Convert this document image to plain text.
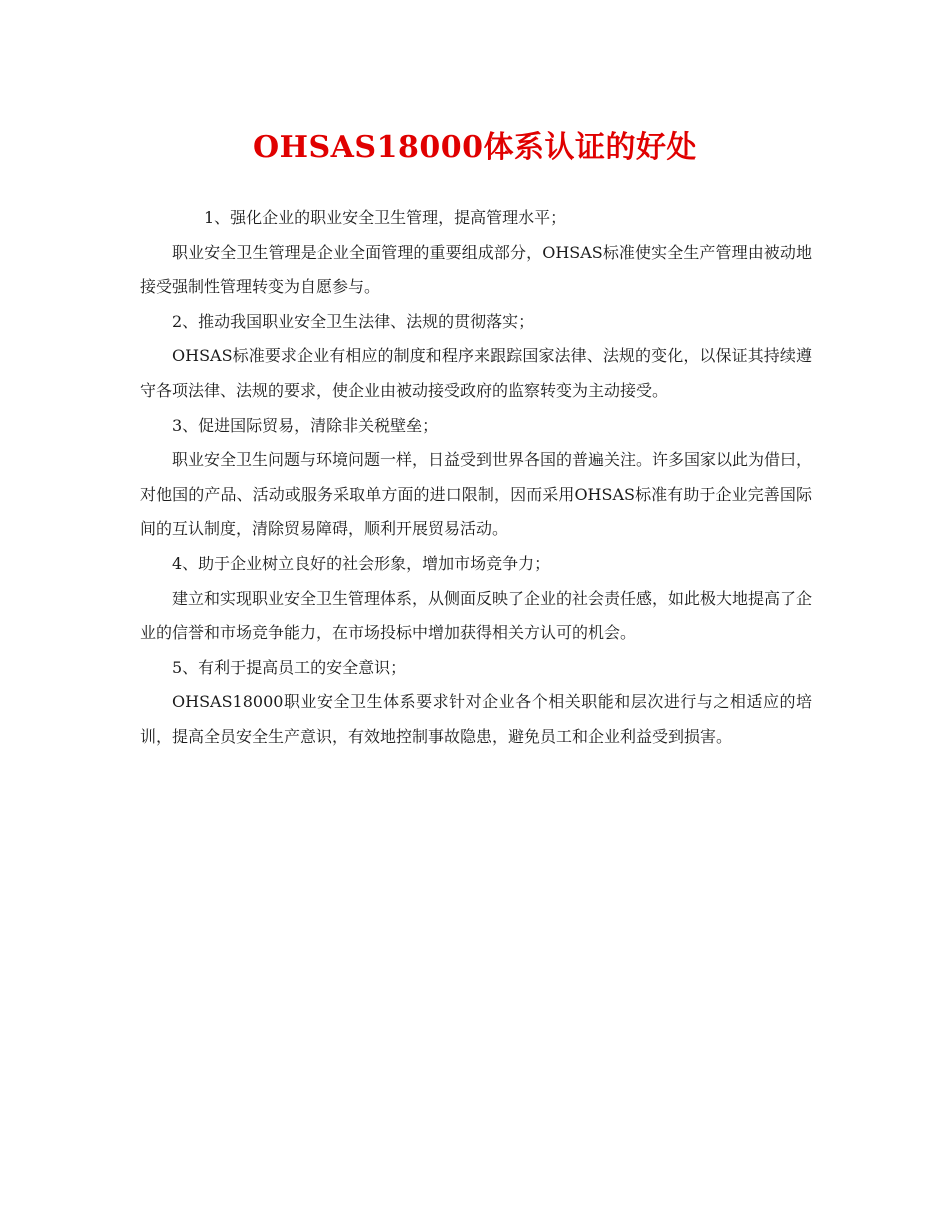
OHSAS18000体系认证的好处

1、强化企业的职业安全卫生管理，提高管理水平；

职业安全卫生管理是企业全面管理的重要组成部分，OHSAS标准使实全生产管理由被动地接受强制性管理转变为自愿参与。

2、推动我国职业安全卫生法律、法规的贯彻落实；

OHSAS标准要求企业有相应的制度和程序来跟踪国家法律、法规的变化，以保证其持续遵守各项法律、法规的要求，使企业由被动接受政府的监察转变为主动接受。

3、促进国际贸易，清除非关税壁垒；

职业安全卫生问题与环境问题一样，日益受到世界各国的普遍关注。许多国家以此为借曰，对他国的产品、活动或服务采取单方面的进口限制，因而采用OHSAS标准有助于企业完善国际间的互认制度，清除贸易障碍，顺利开展贸易活动。

4、助于企业树立良好的社会形象，增加市场竞争力；

建立和实现职业安全卫生管理体系，从侧面反映了企业的社会责任感，如此极大地提高了企业的信誉和市场竞争能力，在市场投标中增加获得相关方认可的机会。

5、有利于提高员工的安全意识；

OHSAS18000职业安全卫生体系要求针对企业各个相关职能和层次进行与之相适应的培训，提高全员安全生产意识，有效地控制事故隐患，避免员工和企业利益受到损害。
